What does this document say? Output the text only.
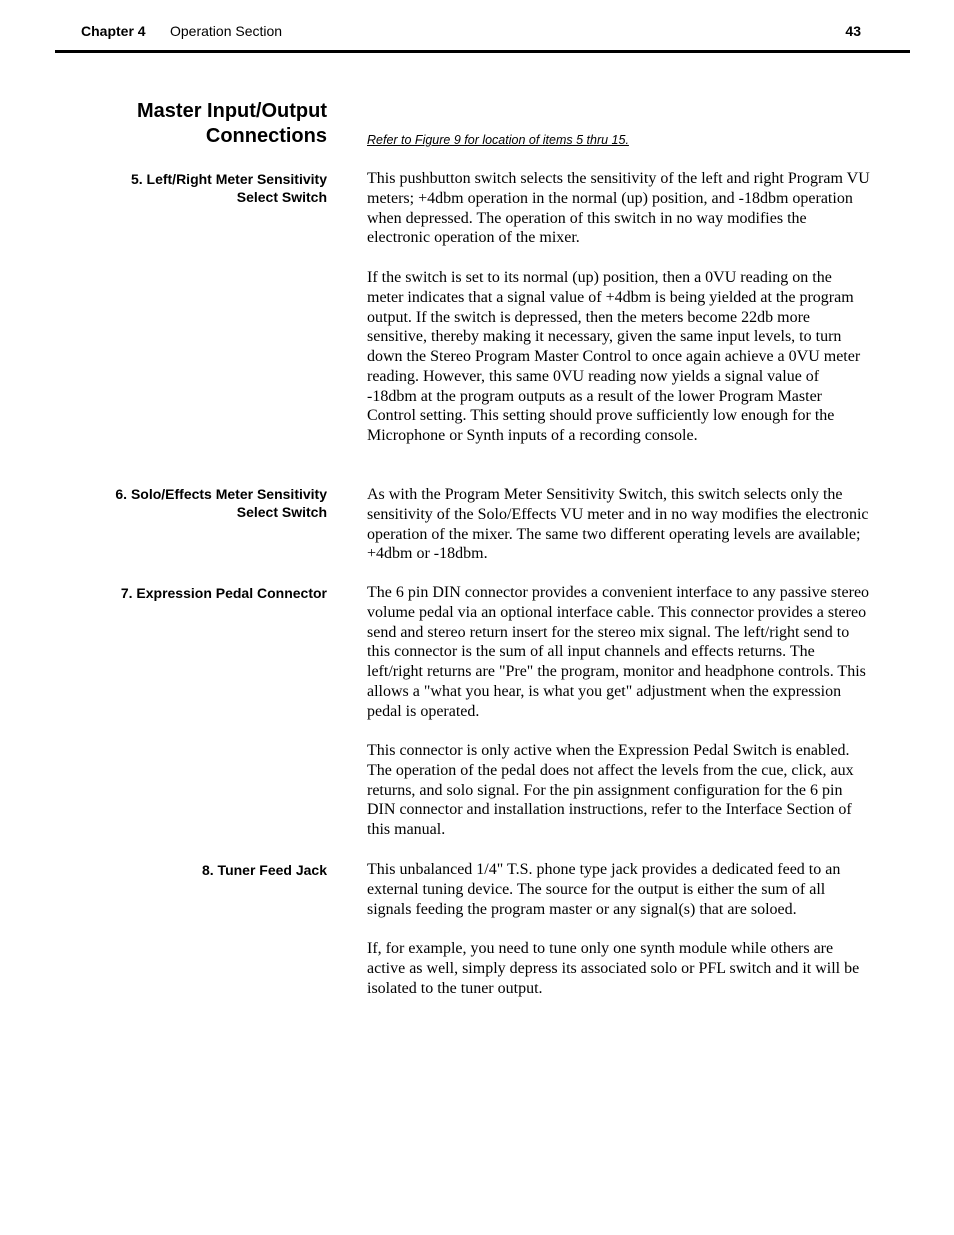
Chapter 4 Operation Section	43
Master Input/Output
Connections	Refer to Figure 9 for location of items 5 thru 15.
5. Left/Right Meter Sensitivity
Select Switch

This pushbutton switch selects the sensitivity of the left and right Program VU meters; +4dbm operation in the normal (up) position, and -18dbm operation when depressed. The operation of this switch in no way modifies the electronic operation of the mixer.

If the switch is set to its normal (up) position, then a 0VU reading on the meter indicates that a signal value of +4dbm is being yielded at the program output. If the switch is depressed, then the meters become 22db more sensitive, thereby making it necessary, given the same input levels, to turn down the Stereo Program Master Control to once again achieve a 0VU meter reading. However, this same 0VU reading now yields a signal value of -18dbm at the program outputs as a result of the lower Program Master Control setting. This setting should prove sufficiently low enough for the Microphone or Synth inputs of a recording console.

6. Solo/Effects Meter Sensitivity
Select Switch

As with the Program Meter Sensitivity Switch, this switch selects only the sensitivity of the Solo/Effects VU meter and in no way modifies the electronic operation of the mixer. The same two different operating levels are available; +4dbm or -18dbm.

7. Expression Pedal Connector	The 6 pin DIN connector provides a convenient interface to any passive stereo volume pedal via an optional interface cable. This connector provides a stereo send and stereo return insert for the stereo mix signal. The left/right send to this connector is the sum of all input channels and effects returns. The left/right returns are "Pre" the program, monitor and headphone controls. This allows a "what you hear, is what you get" adjustment when the expression pedal is operated.

This connector is only active when the Expression Pedal Switch is enabled. The operation of the pedal does not affect the levels from the cue, click, aux returns, and solo signal. For the pin assignment configuration for the 6 pin DIN connector and installation instructions, refer to the Interface Section of this manual.

8. Tuner Feed Jack	This unbalanced 1/4" T.S. phone type jack provides a dedicated feed to an external tuning device. The source for the output is either the sum of all signals feeding the program master or any signal(s) that are soloed.

If, for example, you need to tune only one synth module while others are active as well, simply depress its associated solo or PFL switch and it will be isolated to the tuner output.
